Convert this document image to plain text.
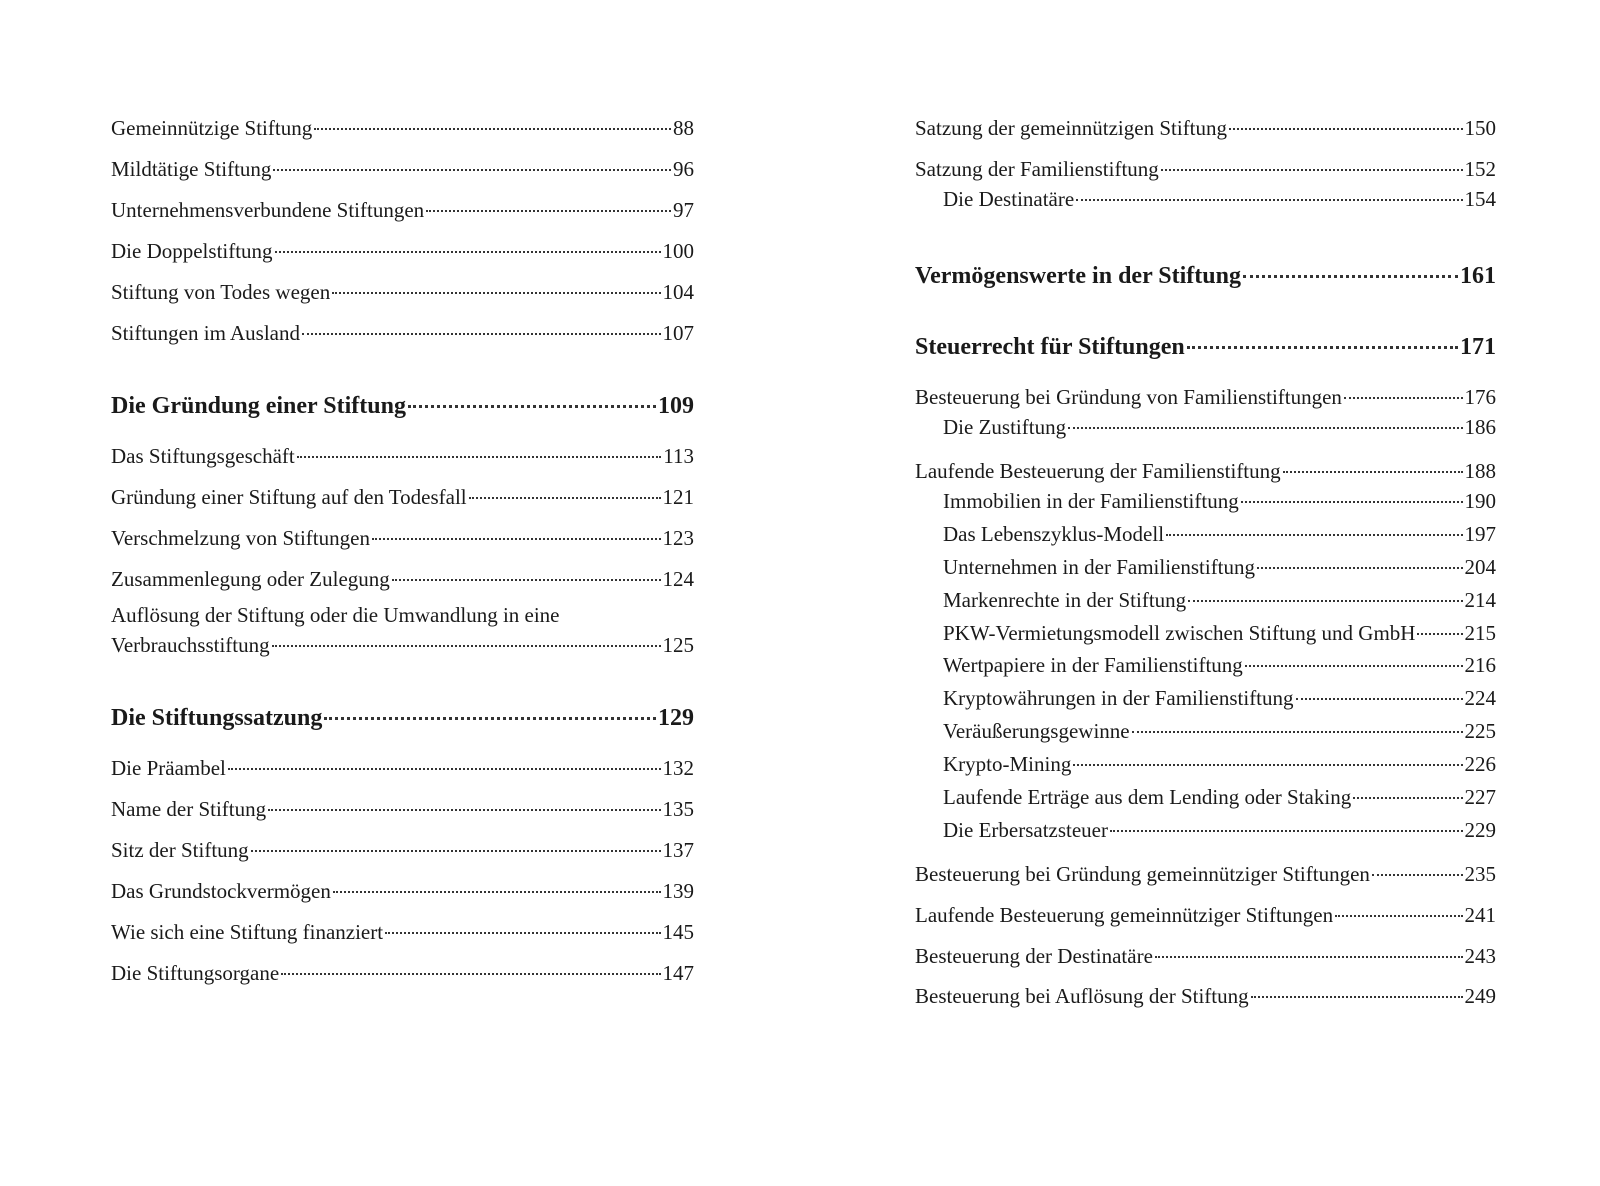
Gemeinnützige Stiftung	88
Mildtätige Stiftung	96
Unternehmensverbundene Stiftungen	97
Die Doppelstiftung	100
Stiftung von Todes wegen	104
Stiftungen im Ausland	107
Die Gründung einer Stiftung	109
Das Stiftungsgeschäft	113
Gründung einer Stiftung auf den Todesfall	121
Verschmelzung von Stiftungen	123
Zusammenlegung oder Zulegung	124
Auflösung der Stiftung oder die Umwandlung in eine
Verbrauchsstiftung	125
Die Stiftungssatzung	129
Die Präambel	132
Name der Stiftung	135
Sitz der Stiftung	137
Das Grundstockvermögen	139
Wie sich eine Stiftung finanziert	145
Die Stiftungsorgane	147
Satzung der gemeinnützigen Stiftung	150
Satzung der Familienstiftung	152
Die Destinatäre	154
Vermögenswerte in der Stiftung	161
Steuerrecht für Stiftungen	171
Besteuerung bei Gründung von Familienstiftungen	176
Die Zustiftung	186
Laufende Besteuerung der Familienstiftung	188
Immobilien in der Familienstiftung	190
Das Lebenszyklus-Modell	197
Unternehmen in der Familienstiftung	204
Markenrechte in der Stiftung	214
PKW-Vermietungsmodell zwischen Stiftung und GmbH 215
Wertpapiere in der Familienstiftung	216
Kryptowährungen in der Familienstiftung	224
Veräußerungsgewinne	225
Krypto-Mining	226
Laufende Erträge aus dem Lending oder Staking	227
Die Erbersatzsteuer	229
Besteuerung bei Gründung gemeinnütziger Stiftungen	235
Laufende Besteuerung gemeinnütziger Stiftungen	241
Besteuerung der Destinatäre	243
Besteuerung bei Auflösung der Stiftung	249
